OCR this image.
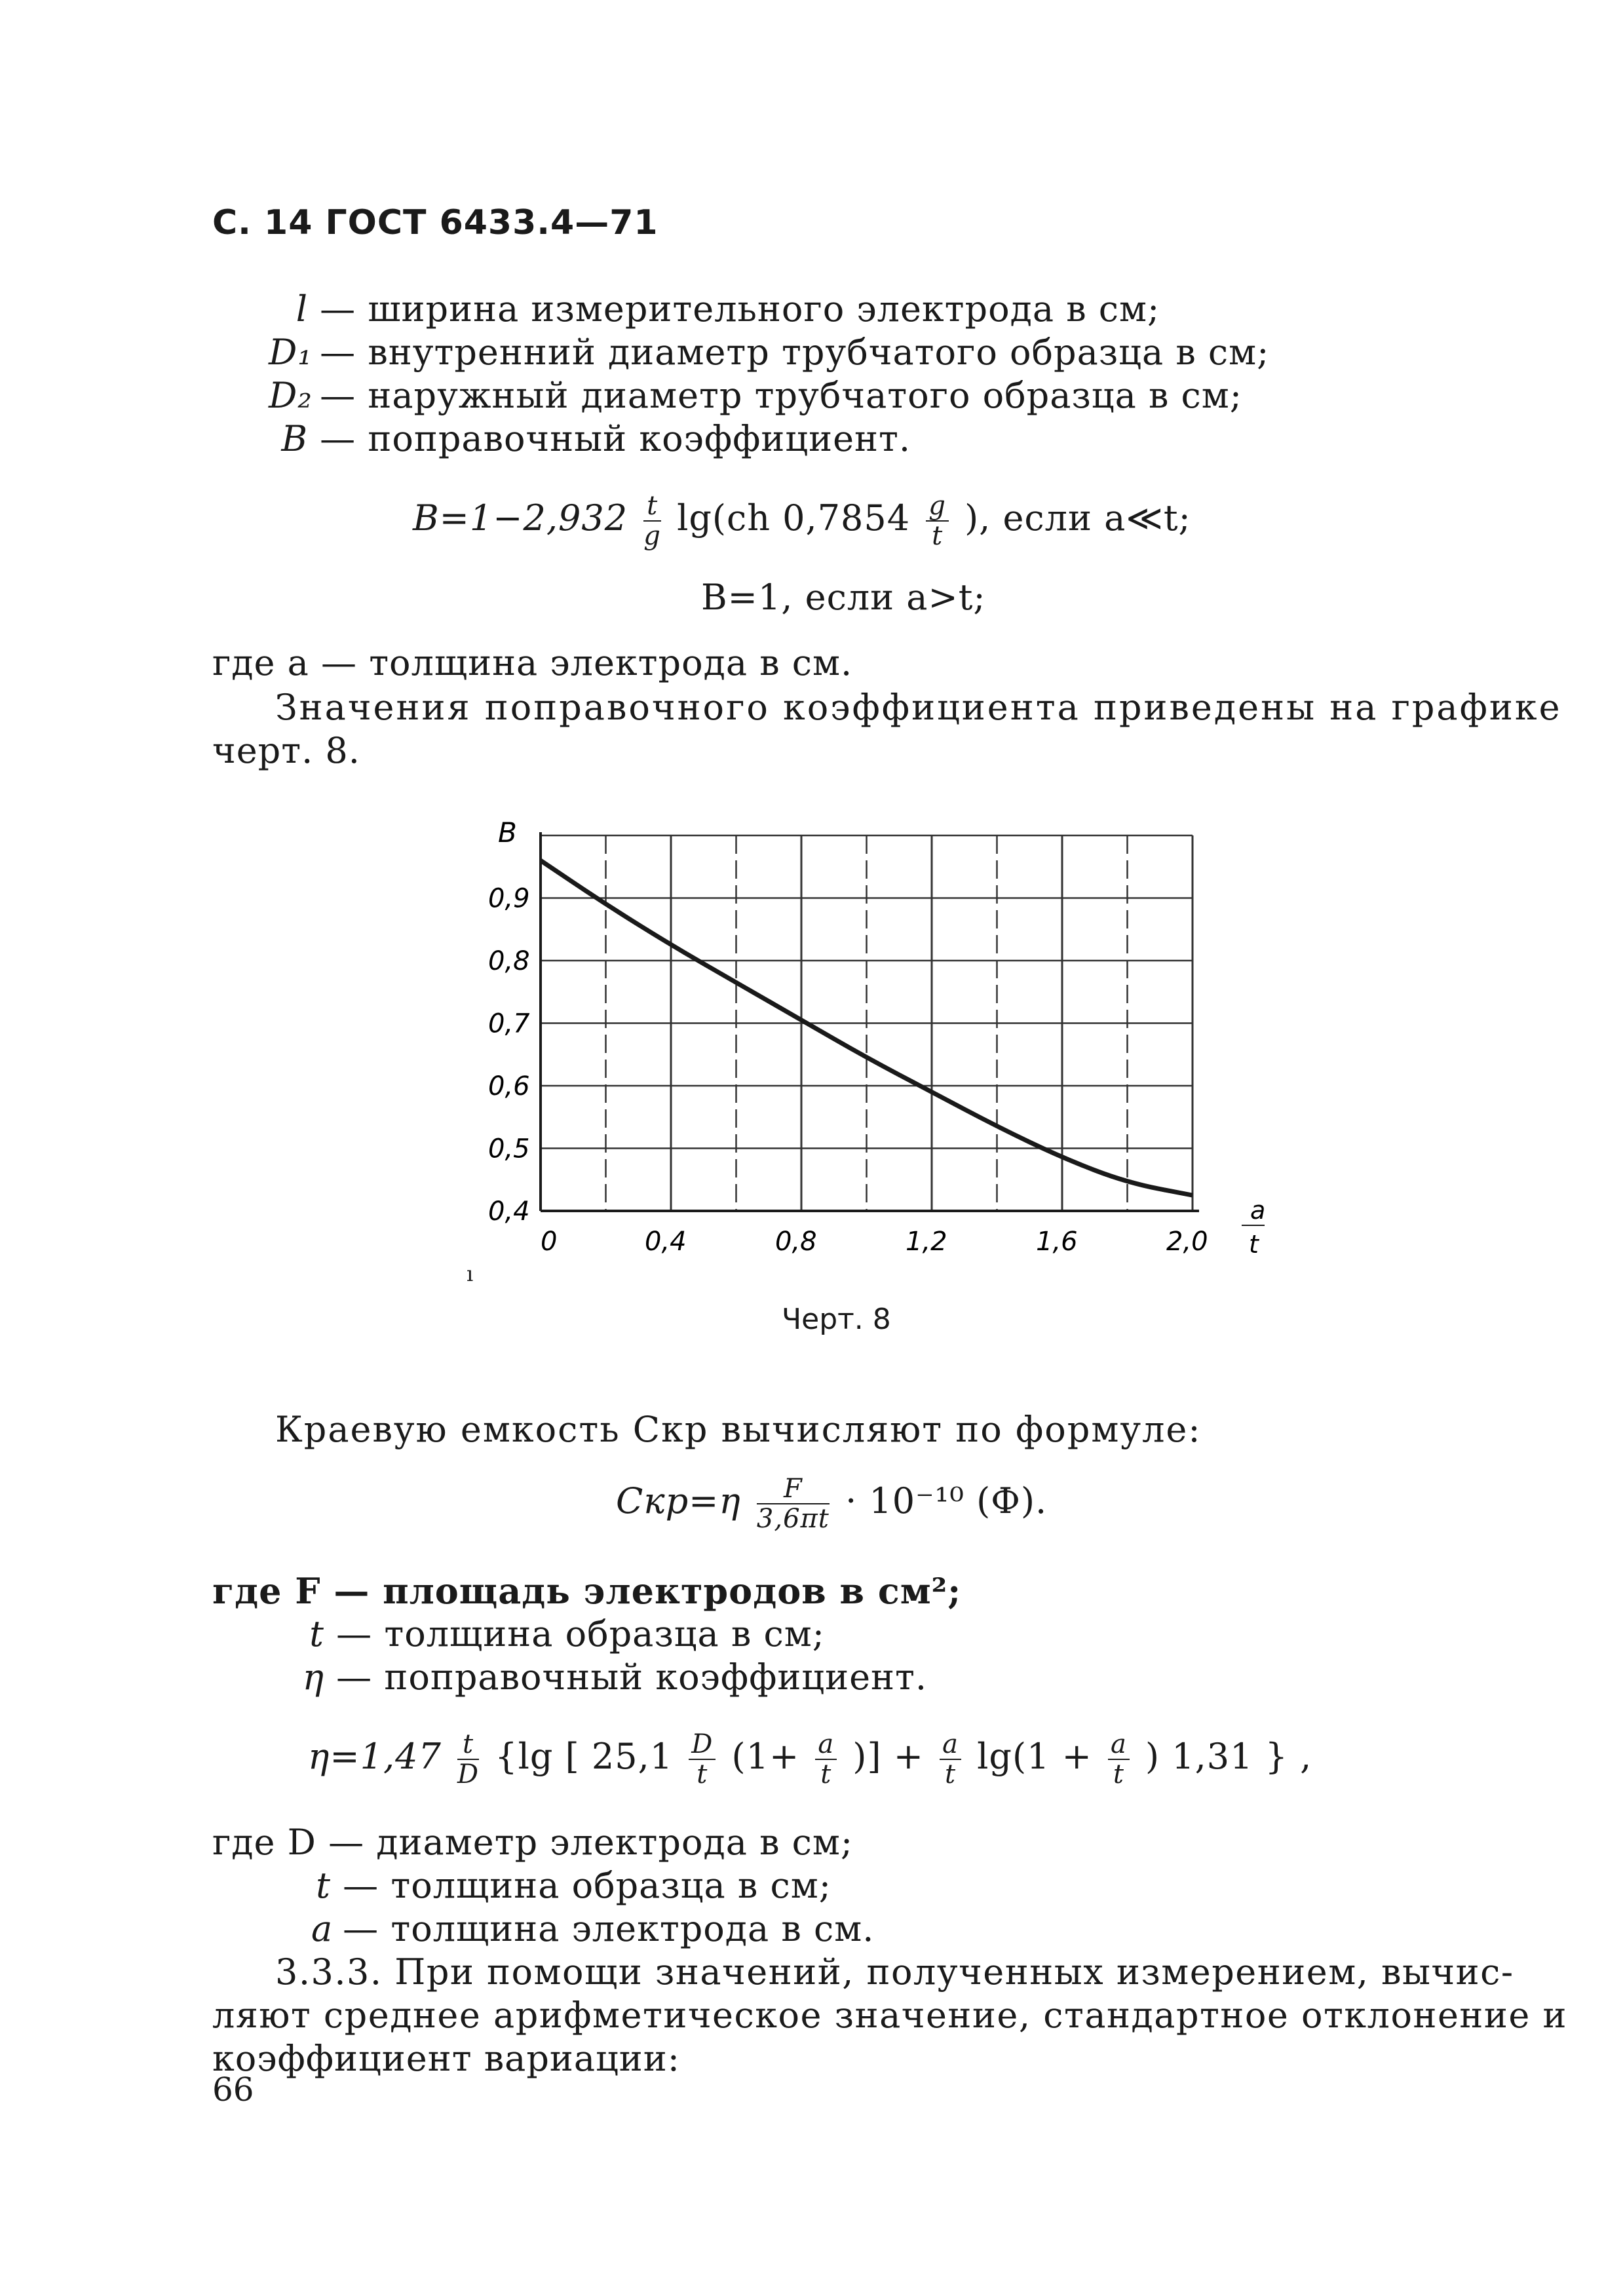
С. 14 ГОСТ 6433.4—71
l — ширина измерительного электрода в см;
D₁ — внутренний диаметр трубчатого образца в см;
D₂ — наружный диаметр трубчатого образца в см;
B — поправочный коэффициент.
$B=1-2,932 \frac{t}{g} \lg(ch$ $0,7854 \frac{g}{t}$ ), если a≪t;
B=1, если a>t;
где a — толщина электрода в см.
Значения поправочного коэффициента приведены на графике
черт. 8.
0,4
0,5
0,6
0,7
0,8
0,9
0	0,4	0,8	1,2	1,6	2,0
B
a
t
ı
Черт. 8
Краевую емкость Cкр вычисляют по формуле:
$Cкр=\eta \frac{F}{3,6\pi t} \cdot 10^{-10}$ (Ф).
где F — площадь электродов в см²;
t — толщина образца в см;
η — поправочный коэффициент.
$\eta=1,47 \frac{t}{D} \{\lg$ [ $25,1 \frac{D}{t} (1+ \frac{a}{t}$ )] + $\frac{a}{t} \lg(1 + \frac{a}{t}$ ) 1,31 } ,
где D — диаметр электрода в см;
t — толщина образца в см;
a — толщина электрода в см.
3.3.3. При помощи значений, полученных измерением, вычис-
ляют среднее арифметическое значение, стандартное отклонение и
коэффициент вариации:
66
